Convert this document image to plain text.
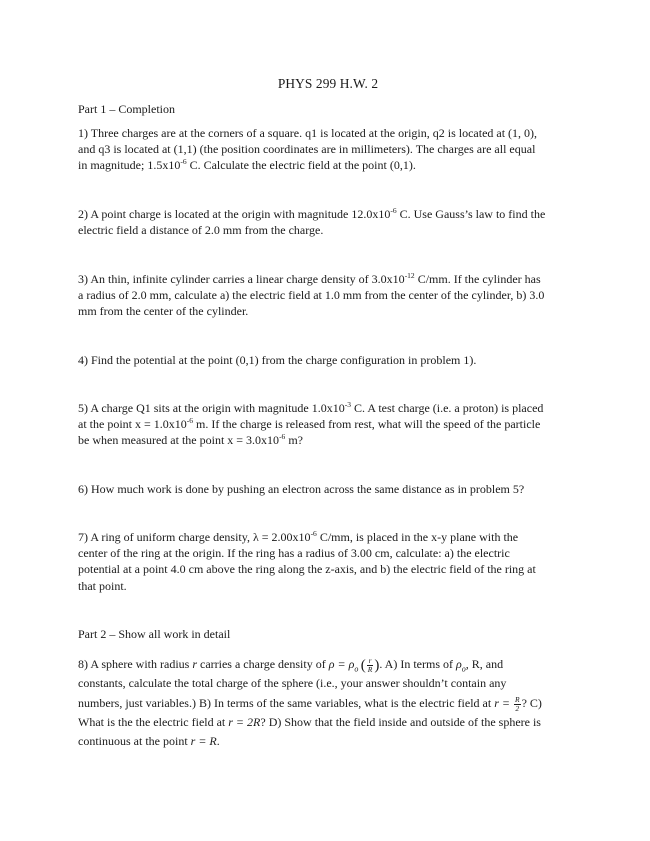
PHYS 299 H.W. 2
Part 1 – Completion
1) Three charges are at the corners of a square. q1 is located at the origin, q2 is located at (1, 0),
and q3 is located at (1,1) (the position coordinates are in millimeters). The charges are all equal
in magnitude; $1.5x10^{-6}$ C. Calculate the electric field at the point (0,1).
2) A point charge is located at the origin with magnitude $12.0x10^{-6}$ C. Use Gauss’s law to find the
electric field a distance of 2.0 mm from the charge.
3) An thin, infinite cylinder carries a linear charge density of $3.0x10^{-12}$ C/mm. If the cylinder has
a radius of 2.0 mm, calculate a) the electric field at 1.0 mm from the center of the cylinder, b) 3.0
mm from the center of the cylinder.
4) Find the potential at the point (0,1) from the charge configuration in problem 1).
5) A charge Q1 sits at the origin with magnitude $1.0x10^{-3}$ C. A test charge (i.e. a proton) is placed
at the point $x = 1.0x10^{-6}$ m. If the charge is released from rest, what will the speed of the particle
be when measured at the point $x = 3.0x10^{-6}$ m?
6) How much work is done by pushing an electron across the same distance as in problem 5?
7) A ring of uniform charge density, $\lambda = 2.00x10^{-6}$ C/mm, is placed in the x-y plane with the
center of the ring at the origin. If the ring has a radius of 3.00 cm, calculate: a) the electric
potential at a point 4.0 cm above the ring along the z-axis, and b) the electric field of the ring at
that point.
Part 2 – Show all work in detail
8) A sphere with radius r carries a charge density of $\rho = \rho_o$  ( $\frac{r}{R}$ ). A) In terms of $\rho_o$, R, and
constants, calculate the total charge of the sphere (i.e., your answer shouldn’t contain any
numbers, just variables.) B) In terms of the same variables, what is the electric field at $r = \frac{R}{2}$ ? C)
What is the the electric field at r = 2R? D) Show that the field inside and outside of the sphere is
continuous at the point r = R.
